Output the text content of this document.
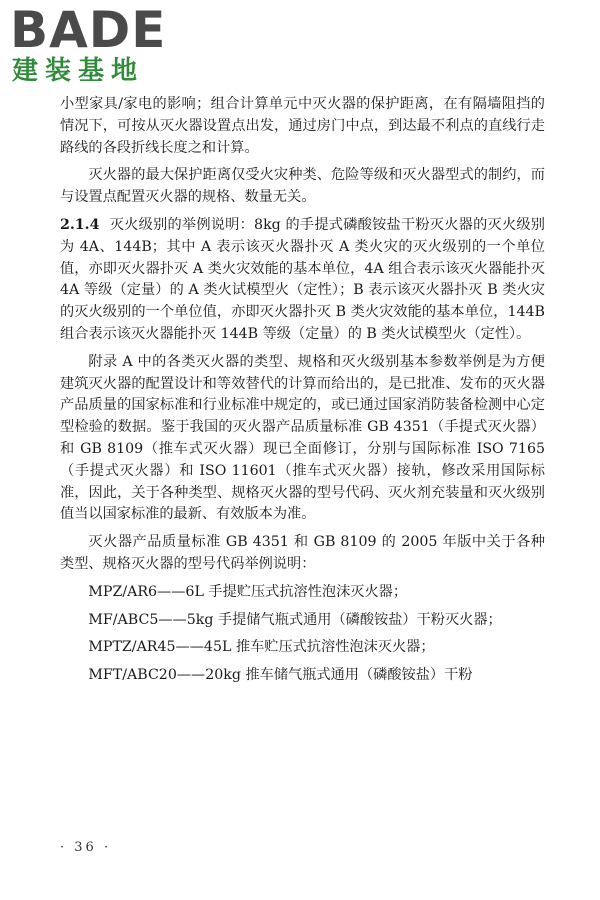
BADE
建装基地

小型家具/家电的影响；组合计算单元中灭火器的保护距离，在有隔墙阻挡的情况下，可按从灭火器设置点出发，通过房门中点，到达最不利点的直线行走路线的各段折线长度之和计算。

灭火器的最大保护距离仅受火灾种类、危险等级和灭火器型式的制约，而与设置点配置灭火器的规格、数量无关。

2.1.4 灭火级别的举例说明：8kg 的手提式磷酸铵盐干粉灭火器的灭火级别为 4A、144B；其中 A 表示该灭火器扑灭 A 类火灾的灭火级别的一个单位值，亦即灭火器扑灭 A 类火灾效能的基本单位，4A 组合表示该灭火器能扑灭 4A 等级（定量）的 A 类火试模型火（定性）；B 表示该灭火器扑灭 B 类火灾的灭火级别的一个单位值，亦即灭火器扑灭 B 类火灾效能的基本单位，144B 组合表示该灭火器能扑灭 144B 等级（定量）的 B 类火试模型火（定性）。

附录 A 中的各类灭火器的类型、规格和灭火级别基本参数举例是为方便建筑灭火器的配置设计和等效替代的计算而给出的，是已批准、发布的灭火器产品质量的国家标准和行业标准中规定的，或已通过国家消防装备检测中心定型检验的数据。鉴于我国的灭火器产品质量标准 GB 4351（手提式灭火器）和 GB 8109（推车式灭火器）现已全面修订，分别与国际标准 ISO 7165（手提式灭火器）和 ISO 11601（推车式灭火器）接轨，修改采用国际标准，因此，关于各种类型、规格灭火器的型号代码、灭火剂充装量和灭火级别值当以国家标准的最新、有效版本为准。

灭火器产品质量标准 GB 4351 和 GB 8109 的 2005 年版中关于各种类型、规格灭火器的型号代码举例说明：

MPZ/AR6——6L 手提贮压式抗溶性泡沫灭火器；

MF/ABC5——5kg 手提储气瓶式通用（磷酸铵盐）干粉灭火器；

MPTZ/AR45——45L 推车贮压式抗溶性泡沫灭火器；

MFT/ABC20——20kg 推车储气瓶式通用（磷酸铵盐）干粉

· 36 ·
